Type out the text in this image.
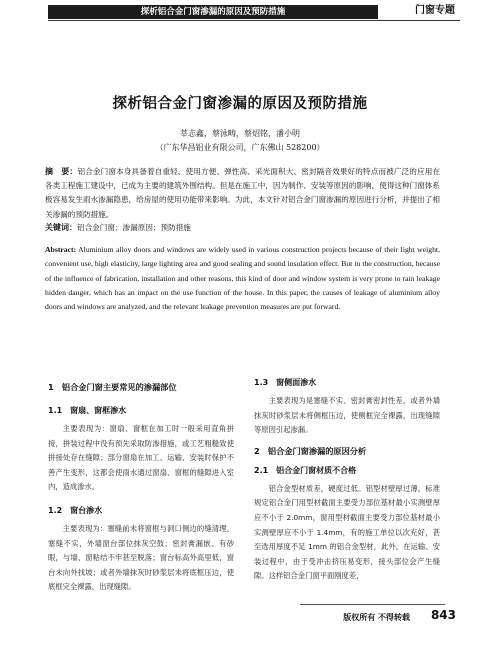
探析铝合金门窗渗漏的原因及预防措施	门窗专题
探析铝合金门窗渗漏的原因及预防措施
莘志鑫，蔡泳畴，蔡炤铭，潘小明
（广东华昌铝业有限公司，广东佛山 528200）
摘　要：铝合金门窗本身具备着自重轻、使用方便、弹性高、采光面积大、密封隔音效果好的特点而被广泛的应用在各类工程施工建设中，已成为主要的建筑外围结构。但是在施工中，因为制作、安装等原因的影响，使得这种门窗体系极容易发生雨水渗漏隐患，给房屋的使用功能带来影响。为此，本文针对铝合金门窗渗漏的原因进行分析，并提出了相关渗漏的预防措施。
关键词：铝合金门窗；渗漏原因；预防措施
Abstract: Aluminium alloy doors and windows are widely used in various construction projects because of their light weight, convenient use, high elasticity, large lighting area and good sealing and sound insulation effect. But in the construction, because of the influence of fabrication, installation and other reasons, this kind of door and window system is very prone to rain leakage hidden danger, which has an impact on the use function of the house. In this paper, the causes of leakage of aluminium alloy doors and windows are analyzed, and the relevant leakage prevention measures are put forward.
1　铝合金门窗主要常见的渗漏部位
1.1　窗扇、窗框渗水
主要表现为：窗扇、窗框在加工时一般采用直角拼接，拼装过程中没有预先采取防渗措施，或工艺粗糙致使拼接处存在缝隙；部分窗扇在加工、运输、安装时保护不善产生变形，这都会使雨水通过窗扇、窗框的缝隙进入室内，造成渗水。
1.2　窗台渗水
主要表现为：塞缝前未将窗框与洞口侧边的缝清理，塞缝不实，外墙窗台部位抹灰空鼓；密封膏漏嵌、有砂眼，与墙、窗粘结不牢甚至脱落；窗台标高外高里低，窗台未向外找坡；或者外墙抹灰时砂浆层未将底框压边，使底框完全裸露，出现缝隙。
1.3　窗侧面渗水
主要表现为是塞缝不实、密封膏密封性差，或者外墙抹灰时砂浆层未将侧框压边，使侧框完全裸露，出现缝隙等原因引起渗漏。
2　铝合金门窗渗漏的原因分析
2.1　铝合金门窗材质不合格
铝合金型材质差，硬度过低。铝型材壁厚过薄，标准规定铝合金门用型材截面主要受力部位基材最小实测壁厚应不小于 2.0mm，窗用型材截面主要受力部位基材最小实测壁厚应不小于 1.4mm，有的施工单位以次充好，甚至选用厚度不足 1mm 的铝合金型材，此外，在运输、安装过程中，由于受冲击挤压易变形，接头部位会产生缝隙。这样铝合金门窗平面刚度差，
版权所有 不得转载	843
